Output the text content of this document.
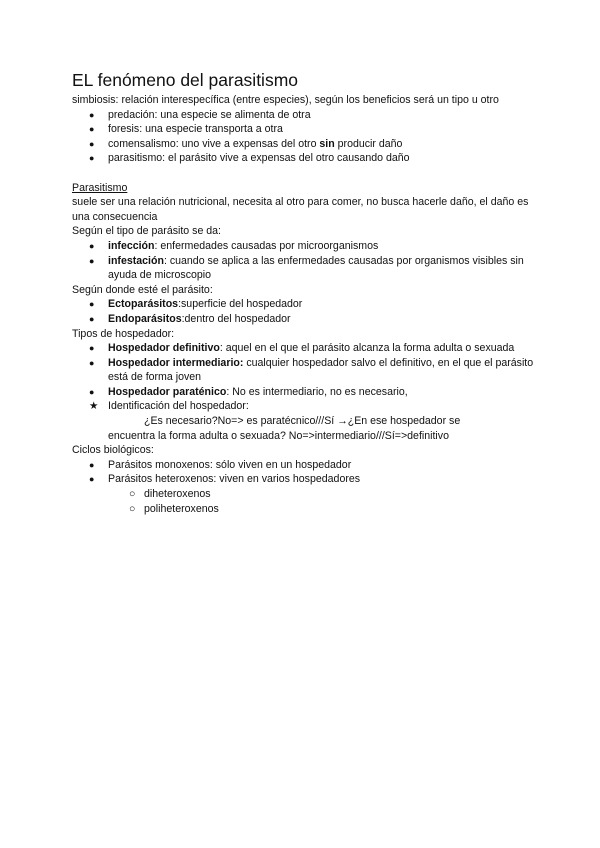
EL fenómeno del parasitismo

simbiosis: relación interespecífica (entre especies), según los beneficios será un tipo u otro

● predación: una especie se alimenta de otra
● foresis: una especie transporta a otra
● comensalismo: uno vive a expensas del otro sin producir daño
● parasitismo: el parásito vive a expensas del otro causando daño

Parasitismo

suele ser una relación nutricional, necesita al otro para comer, no busca hacerle daño, el daño es una consecuencia

Según el tipo de parásito se da:

● infección: enfermedades causadas por microorganismos
● infestación: cuando se aplica a las enfermedades causadas por organismos visibles sin ayuda de microscopio

Según donde esté el parásito:

● Ectoparásitos:superficie del hospedador
● Endoparásitos:dentro del hospedador

Tipos de hospedador:

● Hospedador definitivo: aquel en el que el parásito alcanza la forma adulta o sexuada
● Hospedador intermediario: cualquier hospedador salvo el definitivo, en el que el parásito está de forma joven
● Hospedador paraténico: No es intermediario, no es necesario,
★ Identificación del hospedador:

¿Es necesario?No=> es paratécnico///Sí →¿En ese hospedador se

encuentra la forma adulta o sexuada? No=>intermediario///Sí=>definitivo

Ciclos biológicos:

● Parásitos monoxenos: sólo viven en un hospedador
● Parásitos heteroxenos: viven en varios hospedadores
○ diheteroxenos
○ poliheteroxenos
